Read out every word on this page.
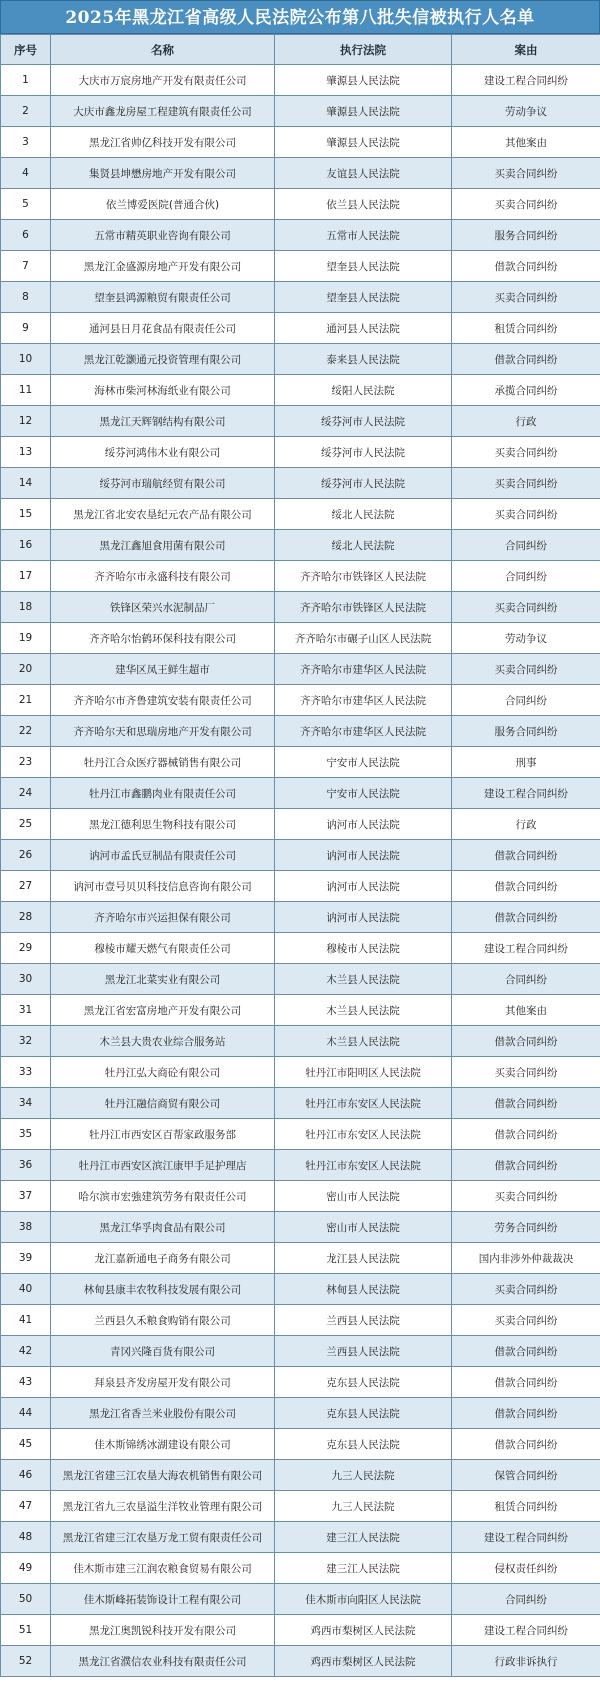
2025年黑龙江省高级人民法院公布第八批失信被执行人名单
序号	名称	执行法院	案由
1	大庆市万宸房地产开发有限责任公司	肇源县人民法院	建设工程合同纠纷
2	大庆市鑫龙房屋工程建筑有限责任公司	肇源县人民法院	劳动争议
3	黑龙江省帅亿科技开发有限公司	肇源县人民法院	其他案由
4	集贤县坤懋房地产开发有限公司	友谊县人民法院	买卖合同纠纷
5	依兰博爱医院(普通合伙)	依兰县人民法院	买卖合同纠纷
6	五常市精英职业咨询有限公司	五常市人民法院	服务合同纠纷
7	黑龙江金盛源房地产开发有限公司	望奎县人民法院	借款合同纠纷
8	望奎县鸿源粮贸有限责任公司	望奎县人民法院	买卖合同纠纷
9	通河县日月花食品有限责任公司	通河县人民法院	租赁合同纠纷
10	黑龙江乾灏通元投资管理有限公司	泰来县人民法院	借款合同纠纷
11	海林市柴河林海纸业有限公司	绥阳人民法院	承揽合同纠纷
12	黑龙江天辉钢结构有限公司	绥芬河市人民法院	行政
13	绥芬河鸿伟木业有限公司	绥芬河市人民法院	买卖合同纠纷
14	绥芬河市瑞航经贸有限公司	绥芬河市人民法院	买卖合同纠纷
15	黑龙江省北安农垦纪元农产品有限公司	绥北人民法院	买卖合同纠纷
16	黑龙江鑫旭食用菌有限公司	绥北人民法院	合同纠纷
17	齐齐哈尔市永盛科技有限公司	齐齐哈尔市铁锋区人民法院	合同纠纷
18	铁锋区荣兴水泥制品厂	齐齐哈尔市铁锋区人民法院	买卖合同纠纷
19	齐齐哈尔怡鹤环保科技有限公司	齐齐哈尔市碾子山区人民法院	劳动争议
20	建华区凤王鲜生超市	齐齐哈尔市建华区人民法院	买卖合同纠纷
21	齐齐哈尔市齐鲁建筑安装有限责任公司	齐齐哈尔市建华区人民法院	合同纠纷
22	齐齐哈尔天和思瑞房地产开发有限公司	齐齐哈尔市建华区人民法院	服务合同纠纷
23	牡丹江合众医疗器械销售有限公司	宁安市人民法院	刑事
24	牡丹江市鑫鹏肉业有限责任公司	宁安市人民法院	建设工程合同纠纷
25	黑龙江德利思生物科技有限公司	讷河市人民法院	行政
26	讷河市孟氏豆制品有限责任公司	讷河市人民法院	借款合同纠纷
27	讷河市壹号贝贝科技信息咨询有限公司	讷河市人民法院	借款合同纠纷
28	齐齐哈尔市兴运担保有限公司	讷河市人民法院	借款合同纠纷
29	穆棱市耀天燃气有限责任公司	穆棱市人民法院	建设工程合同纠纷
30	黑龙江北菜实业有限公司	木兰县人民法院	合同纠纷
31	黑龙江省宏富房地产开发有限公司	木兰县人民法院	其他案由
32	木兰县大贵农业综合服务站	木兰县人民法院	借款合同纠纷
33	牡丹江弘大商砼有限公司	牡丹江市阳明区人民法院	买卖合同纠纷
34	牡丹江融信商贸有限公司	牡丹江市东安区人民法院	借款合同纠纷
35	牡丹江市西安区百帮家政服务部	牡丹江市东安区人民法院	借款合同纠纷
36	牡丹江市西安区滨江康甲手足护理店	牡丹江市东安区人民法院	借款合同纠纷
37	哈尔滨市宏強建筑劳务有限责任公司	密山市人民法院	买卖合同纠纷
38	黑龙江华孚肉食品有限公司	密山市人民法院	劳务合同纠纷
39	龙江嘉新通电子商务有限公司	龙江县人民法院	国内非涉外仲裁裁决
40	林甸县康丰农牧科技发展有限公司	林甸县人民法院	买卖合同纠纷
41	兰西县久禾粮食购销有限公司	兰西县人民法院	买卖合同纠纷
42	青冈兴隆百货有限公司	兰西县人民法院	借款合同纠纷
43	拜泉县齐发房屋开发有限公司	克东县人民法院	借款合同纠纷
44	黑龙江省香兰米业股份有限公司	克东县人民法院	借款合同纠纷
45	佳木斯锦绣冰湖建设有限公司	克东县人民法院	借款合同纠纷
46	黑龙江省建三江农垦大海农机销售有限公司	九三人民法院	保管合同纠纷
47	黑龙江省九三农垦溢生洋牧业管理有限公司	九三人民法院	租赁合同纠纷
48	黑龙江省建三江农垦万龙工贸有限责任公司	建三江人民法院	建设工程合同纠纷
49	佳木斯市建三江润农粮食贸易有限公司	建三江人民法院	侵权责任纠纷
50	佳木斯峰拓装饰设计工程有限公司	佳木斯市向阳区人民法院	合同纠纷
51	黑龙江奥凯锐科技开发有限公司	鸡西市梨树区人民法院	建设工程合同纠纷
52	黑龙江省濮信农业科技有限责任公司	鸡西市梨树区人民法院	行政非诉执行
